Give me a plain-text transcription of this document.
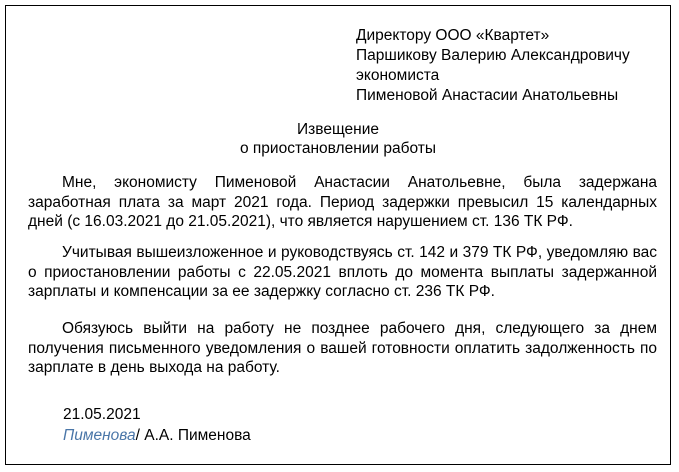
Директору ООО «Квартет»
Паршикову Валерию Александровичу
экономиста
Пименовой Анастасии Анатольевны
Извещение
о приостановлении работы
Мне, экономисту Пименовой Анастасии Анатольевне, была задержана заработная плата за март 2021 года. Период задержки превысил 15 календарных дней (с 16.03.2021 до 21.05.2021), что является нарушением ст. 136 ТК РФ.
Учитывая вышеизложенное и руководствуясь ст. 142 и 379 ТК РФ, уведомляю вас о приостановлении работы с 22.05.2021 вплоть до момента выплаты задержанной зарплаты и компенсации за ее задержку согласно ст. 236 ТК РФ.
Обязуюсь выйти на работу не позднее рабочего дня, следующего за днем получения письменного уведомления о вашей готовности оплатить задолженность по зарплате в день выхода на работу.
21.05.2021
Пименова/ А.А. Пименова
